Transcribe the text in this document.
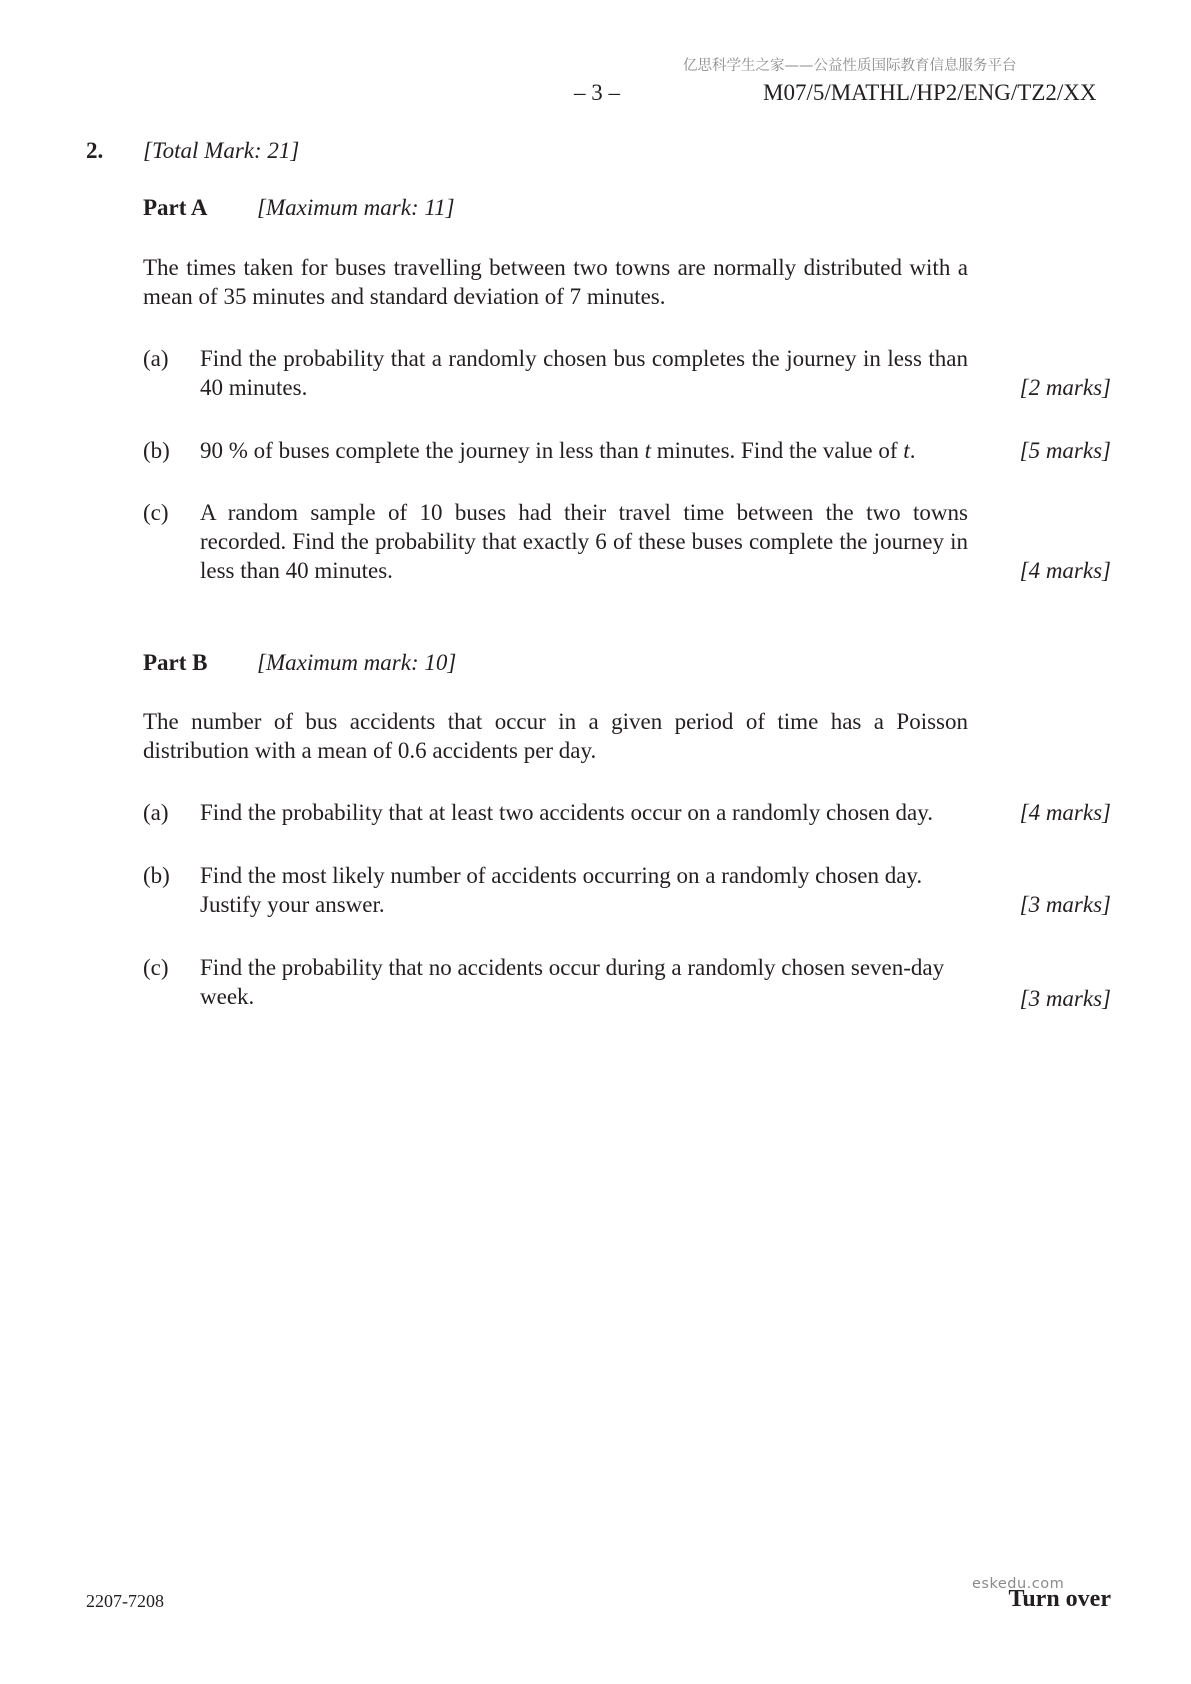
亿思科学生之家——公益性质国际教育信息服务平台
– 3 –	M07/5/MATHL/HP2/ENG/TZ2/XX
2. [Total Mark: 21]
Part A [Maximum mark: 11]
The times taken for buses travelling between two towns are normally distributed with a mean of 35 minutes and standard deviation of 7 minutes.
(a) Find the probability that a randomly chosen bus completes the journey in less than 40 minutes.	[2 marks]
(b) 90 % of buses complete the journey in less than t minutes. Find the value of t.	[5 marks]
(c) A random sample of 10 buses had their travel time between the two towns recorded. Find the probability that exactly 6 of these buses complete the journey in less than 40 minutes.	[4 marks]
Part B [Maximum mark: 10]
The number of bus accidents that occur in a given period of time has a Poisson distribution with a mean of 0.6 accidents per day.
(a) Find the probability that at least two accidents occur on a randomly chosen day.	[4 marks]
(b) Find the most likely number of accidents occurring on a randomly chosen day. Justify your answer.	[3 marks]
(c) Find the probability that no accidents occur during a randomly chosen seven-day week.	[3 marks]
2207-7208	Turn over
eskedu.com
